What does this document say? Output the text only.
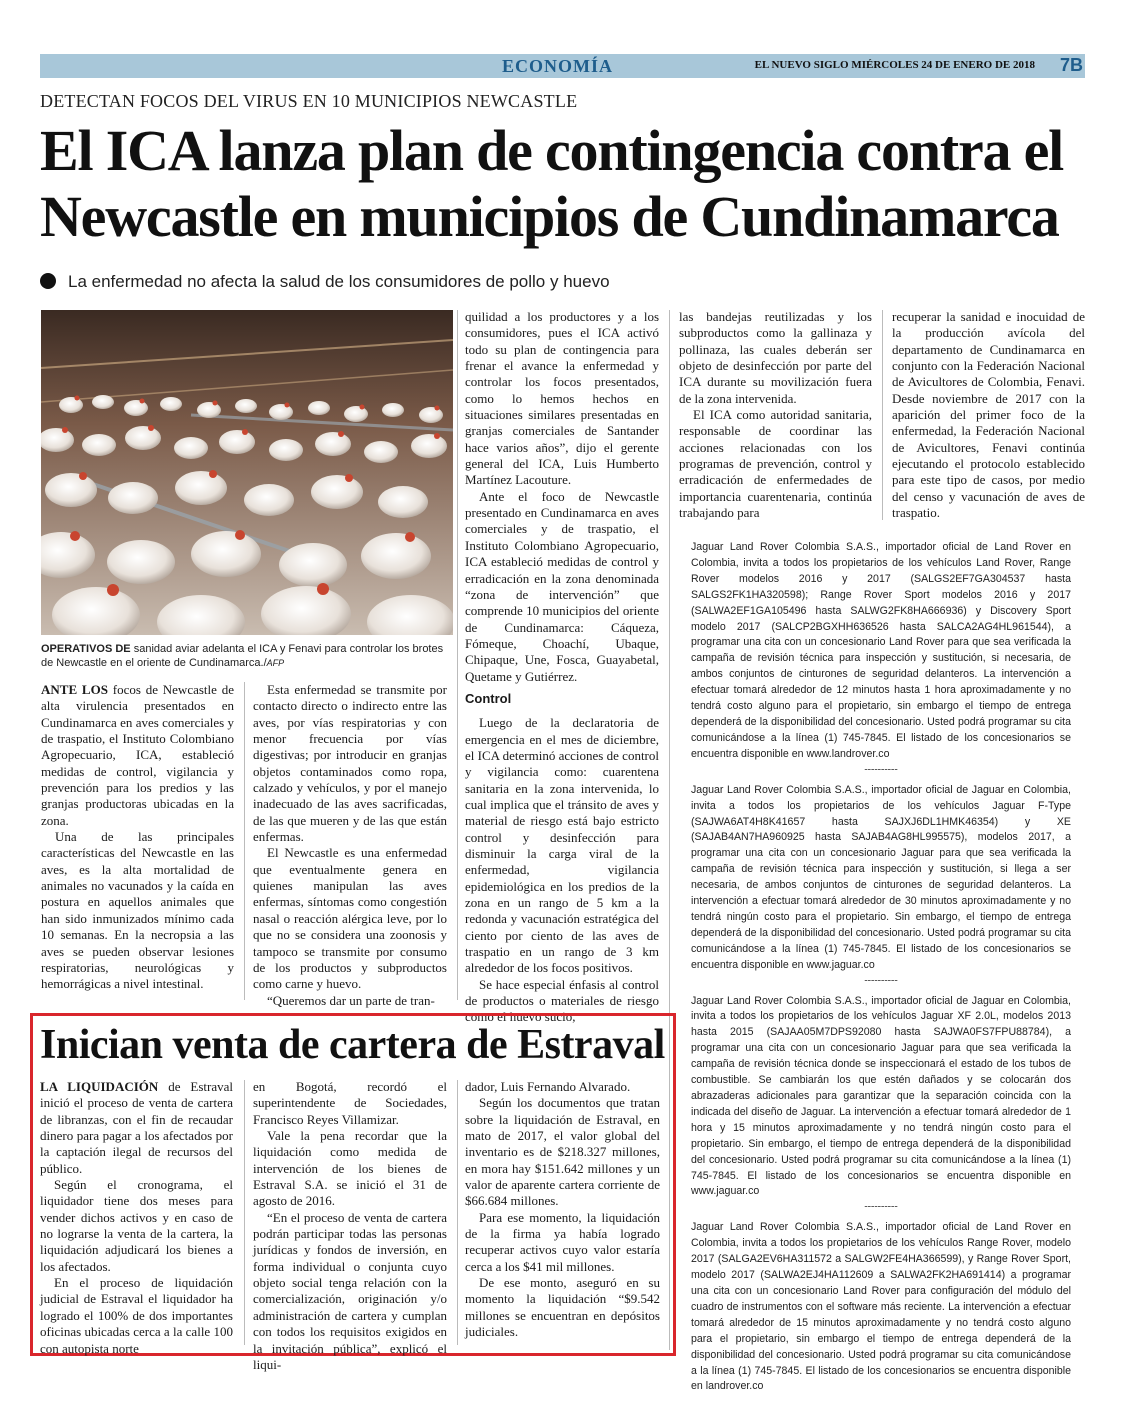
ECONOMÍA	EL NUEVO SIGLO MIÉRCOLES 24 DE ENERO DE 2018 7B
DETECTAN FOCOS DEL VIRUS EN 10 MUNICIPIOS NEWCASTLE
El ICA lanza plan de contingencia contra el Newcastle en municipios de Cundinamarca
La enfermedad no afecta la salud de los consumidores de pollo y huevo
OPERATIVOS DE sanidad aviar adelanta el ICA y Fenavi para controlar los brotes de Newcastle en el oriente de Cundinamarca./AFP

ANTE LOS focos de Newcastle de alta virulencia presentados en Cundinamarca en aves comerciales y de traspatio, el Instituto Colombiano Agropecuario, ICA, estableció medidas de control, vigilancia y prevención para los predios y las granjas productoras ubicadas en la zona.

Una de las principales características del Newcastle en las aves, es la alta mortalidad de animales no vacunados y la caída en postura en aquellos animales que han sido inmunizados mínimo cada 10 semanas. En la necropsia a las aves se pueden observar lesiones respiratorias, neurológicas y hemorrágicas a nivel intestinal.

Esta enfermedad se transmite por contacto directo o indirecto entre las aves, por vías respiratorias y con menor frecuencia por vías digestivas; por introducir en granjas objetos contaminados como ropa, calzado y vehículos, y por el manejo inadecuado de las aves sacrificadas, de las que mueren y de las que están enfermas.

El Newcastle es una enfermedad que eventualmente genera en quienes manipulan las aves enfermas, síntomas como congestión nasal o reacción alérgica leve, por lo que no se considera una zoonosis y tampoco se transmite por consumo de los productos y subproductos como carne y huevo.

“Queremos dar un parte de tran-

quilidad a los productores y a los consumidores, pues el ICA activó todo su plan de contingencia para frenar el avance la enfermedad y controlar los focos presentados, como lo hemos hechos en situaciones similares presentadas en granjas comerciales de Santander hace varios años”, dijo el gerente general del ICA, Luis Humberto Martínez Lacouture.

Ante el foco de Newcastle presentado en Cundinamarca en aves comerciales y de traspatio, el Instituto Colombiano Agropecuario, ICA estableció medidas de control y erradicación en la zona denominada “zona de intervención” que comprende 10 municipios del oriente de Cundinamarca: Cáqueza, Fómeque, Choachí, Ubaque, Chipaque, Une, Fosca, Guayabetal, Quetame y Gutiérrez.

Control

Luego de la declaratoria de emergencia en el mes de diciembre, el ICA determinó acciones de control y vigilancia como: cuarentena sanitaria en la zona intervenida, lo cual implica que el tránsito de aves y material de riesgo está bajo estricto control y desinfección para disminuir la carga viral de la enfermedad, vigilancia epidemiológica en los predios de la zona en un rango de 5 km a la redonda y vacunación estratégica del ciento por ciento de las aves de traspatio en un rango de 3 km alrededor de los focos positivos.

Se hace especial énfasis al control de productos o materiales de riesgo como el huevo sucio,

las bandejas reutilizadas y los subproductos como la gallinaza y pollinaza, las cuales deberán ser objeto de desinfección por parte del ICA durante su movilización fuera de la zona intervenida.

El ICA como autoridad sanitaria, responsable de coordinar las acciones relacionadas con los programas de prevención, control y erradicación de enfermedades de importancia cuarentenaria, continúa trabajando para

recuperar la sanidad e inocuidad de la producción avícola del departamento de Cundinamarca en conjunto con la Federación Nacional de Avicultores de Colombia, Fenavi. Desde noviembre de 2017 con la aparición del primer foco de la enfermedad, la Federación Nacional de Avicultores, Fenavi continúa ejecutando el protocolo establecido para este tipo de casos, por medio del censo y vacunación de aves de traspatio.

Jaguar Land Rover Colombia S.A.S., importador oficial de Land Rover en Colombia, invita a todos los propietarios de los vehículos Land Rover, Range Rover modelos 2016 y 2017 (SALGS2EF7GA304537 hasta SALGS2FK1HA320598); Range Rover Sport modelos 2016 y 2017 (SALWA2EF1GA105496 hasta SALWG2FK8HA666936) y Discovery Sport modelo 2017 (SALCP2BGXHH636526 hasta SALCA2AG4HL961544), a programar una cita con un concesionario Land Rover para que sea verificada la campaña de revisión técnica para inspección y sustitución, si necesaria, de ambos conjuntos de cinturones de seguridad delanteros. La intervención a efectuar tomará alrededor de 12 minutos hasta 1 hora aproximadamente y no tendrá costo alguno para el propietario, sin embargo el tiempo de entrega dependerá de la disponibilidad del concesionario. Usted podrá programar su cita comunicándose a la línea (1) 745-7845. El listado de los concesionarios se encuentra disponible en www.landrover.co

----------

Jaguar Land Rover Colombia S.A.S., importador oficial de Jaguar en Colombia, invita a todos los propietarios de los vehículos Jaguar F-Type (SAJWA6AT4H8K41657 hasta SAJXJ6DL1HMK46354) y XE (SAJAB4AN7HA960925 hasta SAJAB4AG8HL995575), modelos 2017, a programar una cita con un concesionario Jaguar para que sea verificada la campaña de revisión técnica para inspección y sustitución, si llega a ser necesaria, de ambos conjuntos de cinturones de seguridad delanteros. La intervención a efectuar tomará alrededor de 30 minutos aproximadamente y no tendrá ningún costo para el propietario. Sin embargo, el tiempo de entrega dependerá de la disponibilidad del concesionario. Usted podrá programar su cita comunicándose a la línea (1) 745-7845. El listado de los concesionarios se encuentra disponible en www.jaguar.co

----------

Jaguar Land Rover Colombia S.A.S., importador oficial de Jaguar en Colombia, invita a todos los propietarios de los vehículos Jaguar XF 2.0L, modelos 2013 hasta 2015 (SAJAA05M7DPS92080 hasta SAJWA0FS7FPU88784), a programar una cita con un concesionario Jaguar para que sea verificada la campaña de revisión técnica donde se inspeccionará el estado de los tubos de combustible. Se cambiarán los que estén dañados y se colocarán dos abrazaderas adicionales para garantizar que la separación coincida con la indicada del diseño de Jaguar. La intervención a efectuar tomará alrededor de 1 hora y 15 minutos aproximadamente y no tendrá ningún costo para el propietario. Sin embargo, el tiempo de entrega dependerá de la disponibilidad del concesionario. Usted podrá programar su cita comunicándose a la línea (1) 745-7845. El listado de los concesionarios se encuentra disponible en www.jaguar.co

----------

Jaguar Land Rover Colombia S.A.S., importador oficial de Land Rover en Colombia, invita a todos los propietarios de los vehículos Range Rover, modelo 2017 (SALGA2EV6HA311572 a SALGW2FE4HA366599), y Range Rover Sport, modelo 2017 (SALWA2EJ4HA112609 a SALWA2FK2HA691414) a programar una cita con un concesionario Land Rover para configuración del módulo del cuadro de instrumentos con el software más reciente. La intervención a efectuar tomará alrededor de 15 minutos aproximadamente y no tendrá costo alguno para el propietario, sin embargo el tiempo de entrega dependerá de la disponibilidad del concesionario. Usted podrá programar su cita comunicándose a la línea (1) 745-7845. El listado de los concesionarios se encuentra disponible en landrover.co

Inician venta de cartera de Estraval

LA LIQUIDACIÓN de Estraval inició el proceso de venta de cartera de libranzas, con el fin de recaudar dinero para pagar a los afectados por la captación ilegal de recursos del público.

Según el cronograma, el liquidador tiene dos meses para vender dichos activos y en caso de no lograrse la venta de la cartera, la liquidación adjudicará los bienes a los afectados.

En el proceso de liquidación judicial de Estraval el liquidador ha logrado el 100% de dos importantes oficinas ubicadas cerca a la calle 100 con autopista norte

en Bogotá, recordó el superintendente de Sociedades, Francisco Reyes Villamizar.

Vale la pena recordar que la liquidación como medida de intervención de los bienes de Estraval S.A. se inició el 31 de agosto de 2016.

“En el proceso de venta de cartera podrán participar todas las personas jurídicas y fondos de inversión, en forma individual o conjunta cuyo objeto social tenga relación con la comercialización, originación y/o administración de cartera y cumplan con todos los requisitos exigidos en la invitación pública”, explicó el liqui-

dador, Luis Fernando Alvarado.

Según los documentos que tratan sobre la liquidación de Estraval, en mato de 2017, el valor global del inventario es de $218.327 millones, en mora hay $151.642 millones y un valor de aparente cartera corriente de $66.684 millones.

Para ese momento, la liquidación de la firma ya había logrado recuperar activos cuyo valor estaría cerca a los $41 mil millones.

De ese monto, aseguró en su momento la liquidación “$9.542 millones se encuentran en depósitos judiciales.
